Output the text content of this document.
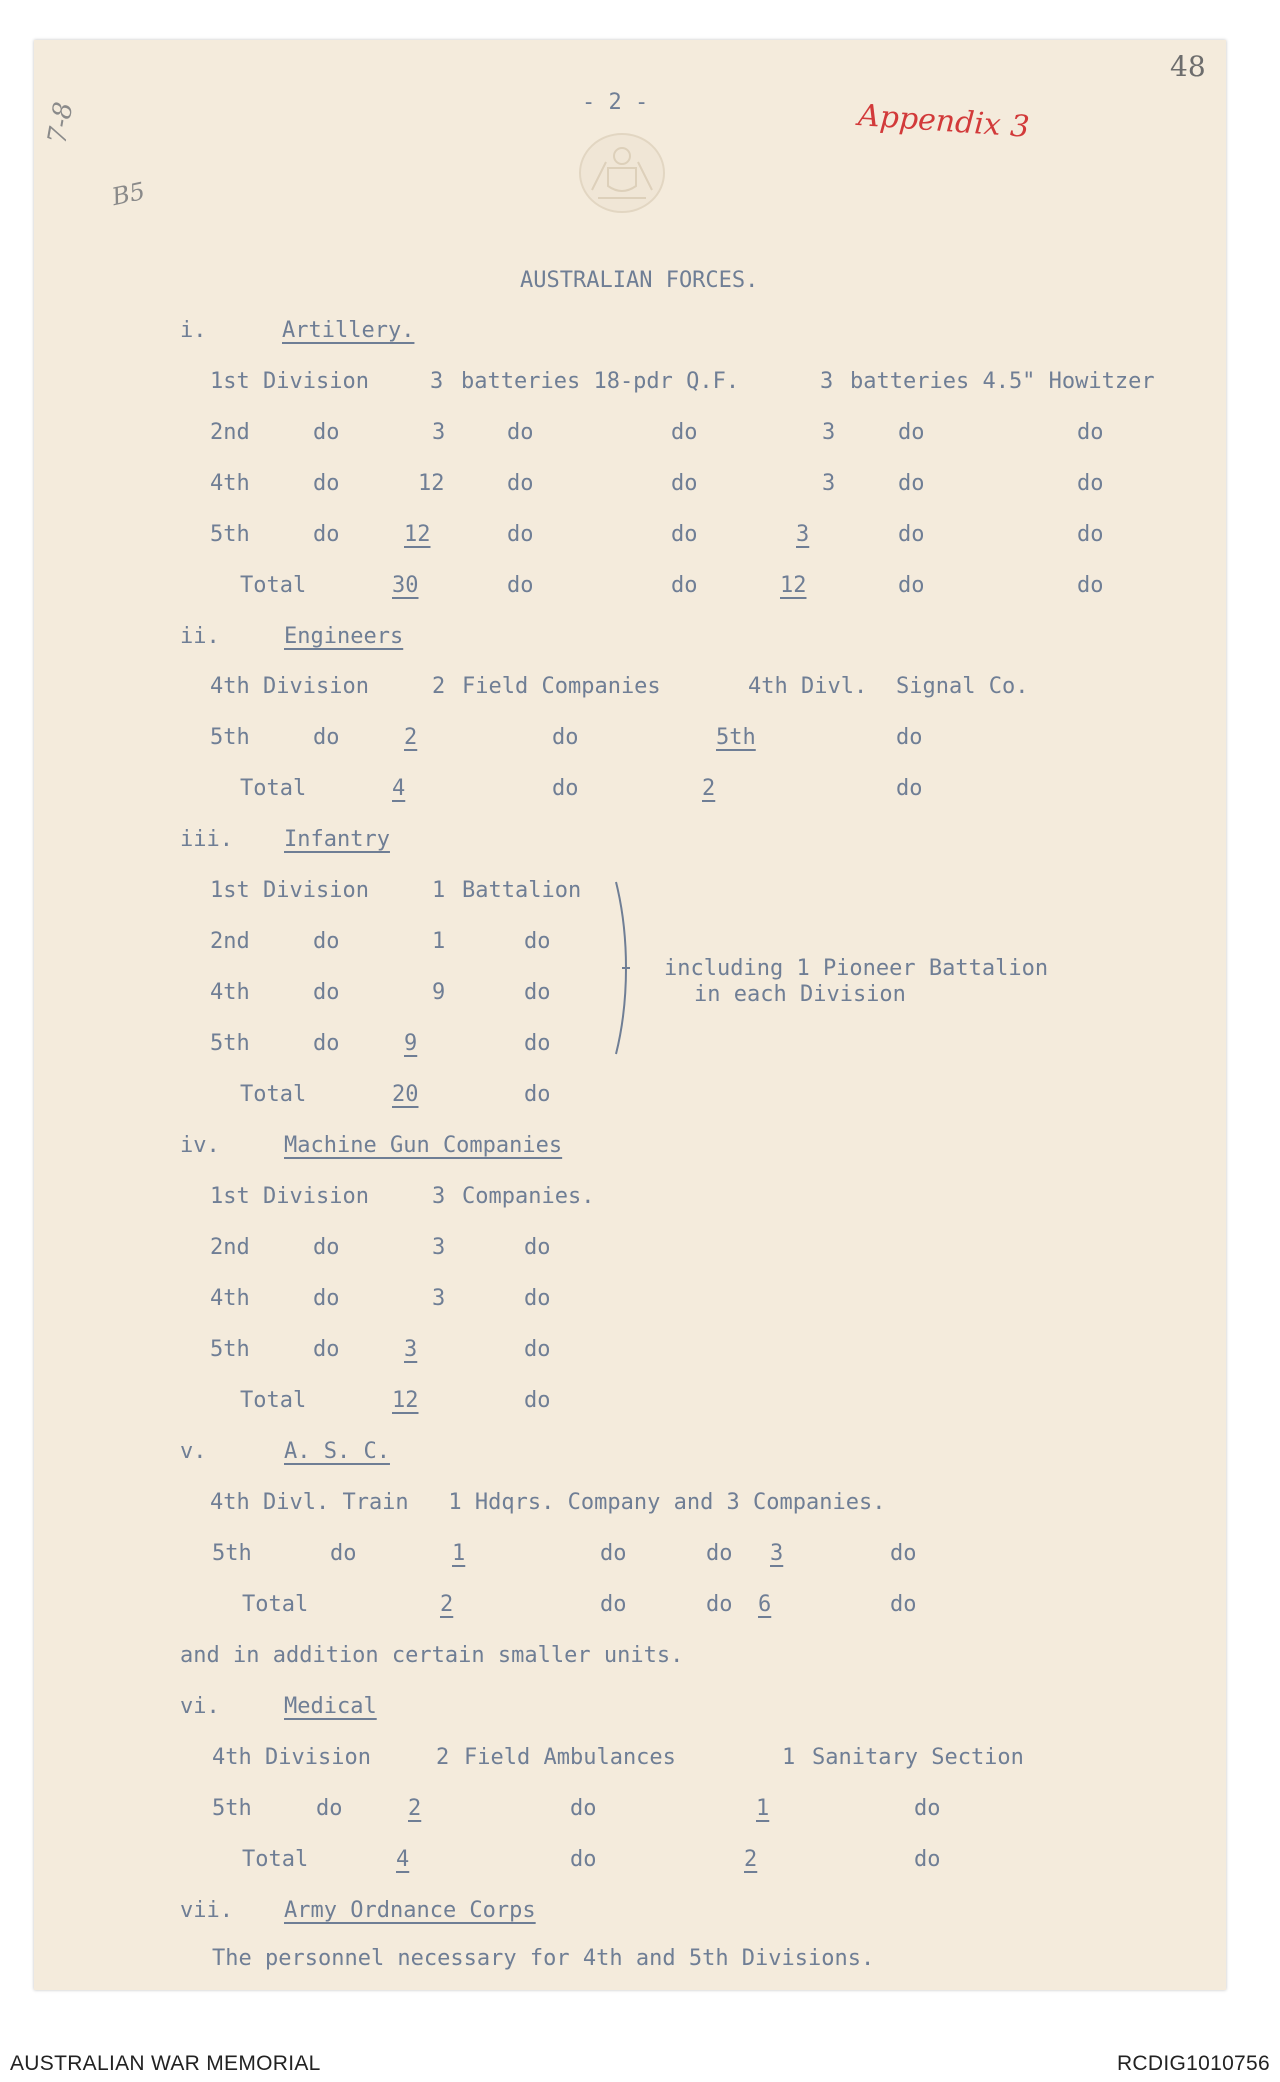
48
Appendix 3
7-8
B5
- 2 -
AUSTRALIAN FORCES.
i.	Artillery.
1st Division	3 batteries 18-pdr Q.F.	3 batteries 4.5" Howitzer
2nd	do	3	do	do	3	do	do
4th	do	12	do	do	3	do	do
5th	do	12	do	do	3	do	do
Total	30	do	do	12	do	do
ii.	Engineers
4th Division	2 Field Companies	4th Divl. Signal Co.
5th	do	2	do	5th	do
Total	4	do	2	do
iii. Infantry
1st Division	1 Battalion
2nd	do	1	do
4th	do	9	do
5th	do	9	do
Total	20	do
including 1 Pioneer Battalion
in each Division
iv.	Machine Gun Companies
1st Division	3 Companies.
2nd	do	3	do
4th	do	3	do
5th	do	3	do
Total	12	do
v.	A. S. C.
4th Divl. Train   1 Hdqrs. Company and 3 Companies.
5th	do	1	do	do 3	do
Total	2	do	do 6	do
and in addition certain smaller units.
vi.	Medical
4th Division	2 Field Ambulances	1 Sanitary Section
5th	do	2	do	1	do
Total	4	do	2	do
vii. Army Ordnance Corps
The personnel necessary for 4th and 5th Divisions.
AUSTRALIAN WAR MEMORIAL	RCDIG1010756
